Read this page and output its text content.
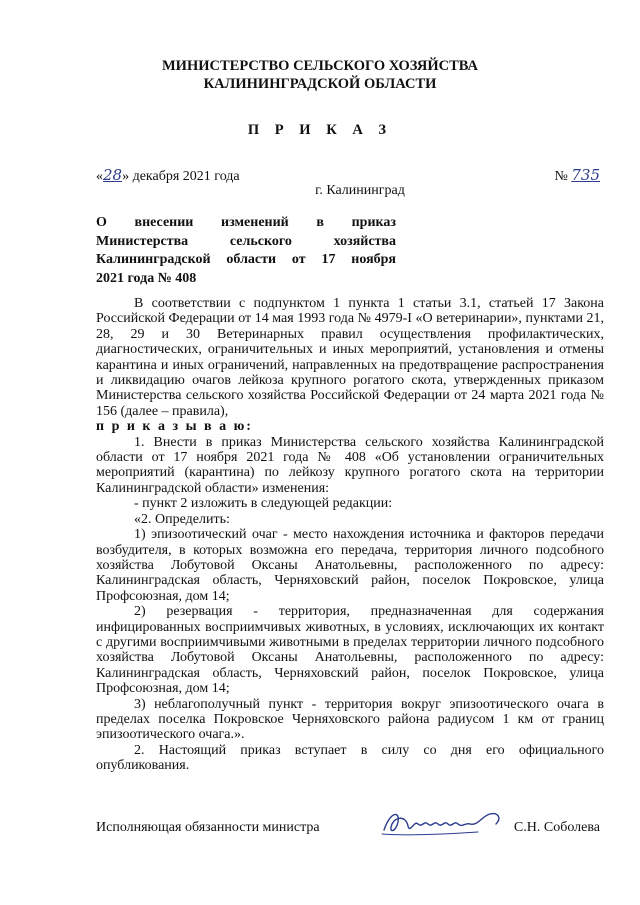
МИНИСТЕРСТВО СЕЛЬСКОГО ХОЗЯЙСТВА
КАЛИНИНГРАДСКОЙ ОБЛАСТИ
П Р И К А З
«28» декабря 2021 года	№ 735
г. Калининград
О внесении изменений в приказ
Министерства сельского хозяйства
Калининградской области от 17 ноября
2021 года № 408

В соответствии с подпунктом 1 пункта 1 статьи 3.1, статьей 17 Закона Российской Федерации от 14 мая 1993 года № 4979-I «О ветеринарии», пунктами 21, 28, 29 и 30 Ветеринарных правил осуществления профилактических, диагностических, ограничительных и иных мероприятий, установления и отмены карантина и иных ограничений, направленных на предотвращение распространения и ликвидацию очагов лейкоза крупного рогатого скота, утвержденных приказом Министерства сельского хозяйства Российской Федерации от 24 марта 2021 года № 156 (далее – правила),

п р и к а з ы в а ю:

1. Внести в приказ Министерства сельского хозяйства Калининградской области от 17 ноября 2021 года № 408 «Об установлении ограничительных мероприятий (карантина) по лейкозу крупного рогатого скота на территории Калининградской области» изменения:

- пункт 2 изложить в следующей редакции:

«2. Определить:

1) эпизоотический очаг - место нахождения источника и факторов передачи возбудителя, в которых возможна его передача, территория личного подсобного хозяйства Лобутовой Оксаны Анатольевны, расположенного по адресу: Калининградская область, Черняховский район, поселок Покровское, улица Профсоюзная, дом 14;

2) резервация - территория, предназначенная для содержания инфицированных восприимчивых животных, в условиях, исключающих их контакт с другими восприимчивыми животными в пределах территории личного подсобного хозяйства Лобутовой Оксаны Анатольевны, расположенного по адресу: Калининградская область, Черняховский район, поселок Покровское, улица Профсоюзная, дом 14;

3) неблагополучный пункт - территория вокруг эпизоотического очага в пределах поселка Покровское Черняховского района радиусом 1 км от границ эпизоотического очага.».

2. Настоящий приказ вступает в силу со дня его официального опубликования.

Исполняющая обязанности министра	С.Н. Соболева
